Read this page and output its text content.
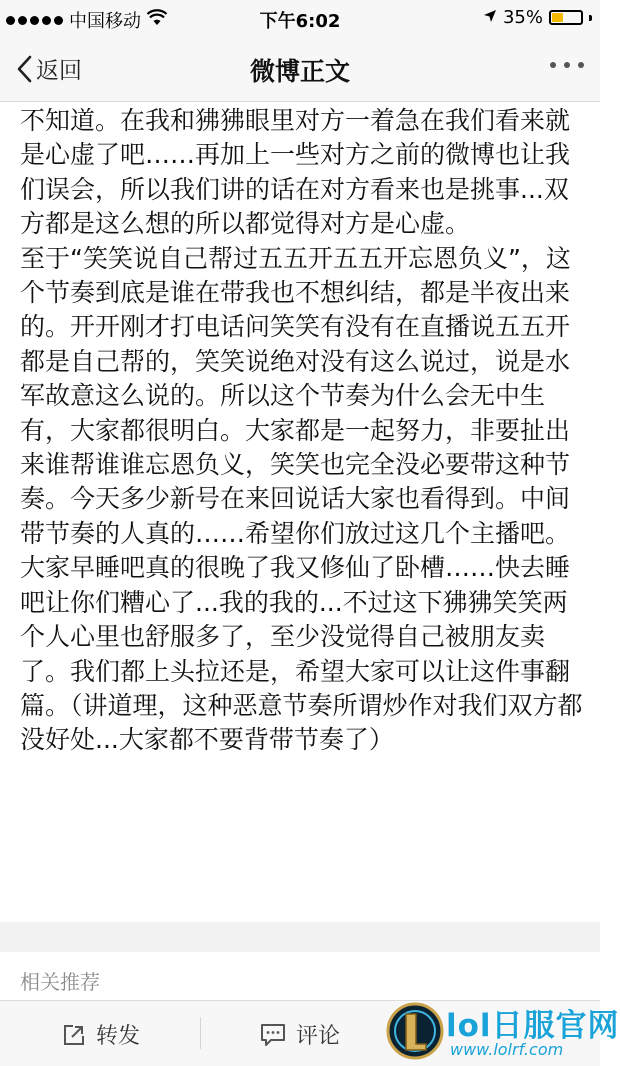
中国移动	下午6:02	35%
返回	微博正文

不知道。在我和狒狒眼里对方一着急在我们看来就是心虚了吧……再加上一些对方之前的微博也让我们误会，所以我们讲的话在对方看来也是挑事...双方都是这么想的所以都觉得对方是心虚。

至于“笑笑说自己帮过五五开五五开忘恩负义”，这个节奏到底是谁在带我也不想纠结，都是半夜出来的。开开刚才打电话问笑笑有没有在直播说五五开都是自己帮的，笑笑说绝对没有这么说过，说是水军故意这么说的。所以这个节奏为什么会无中生有，大家都很明白。大家都是一起努力，非要扯出来谁帮谁谁忘恩负义，笑笑也完全没必要带这种节奏。今天多少新号在来回说话大家也看得到。中间带节奏的人真的……希望你们放过这几个主播吧。

大家早睡吧真的很晚了我又修仙了卧槽……快去睡吧让你们糟心了...我的我的...不过这下狒狒笑笑两个人心里也舒服多了，至少没觉得自己被朋友卖了。我们都上头拉还是，希望大家可以让这件事翻篇。（讲道理，这种恶意节奏所谓炒作对我们双方都没好处...大家都不要背带节奏了）

相关推荐
转发	评论	lol日服官网
www.lolrf.com
